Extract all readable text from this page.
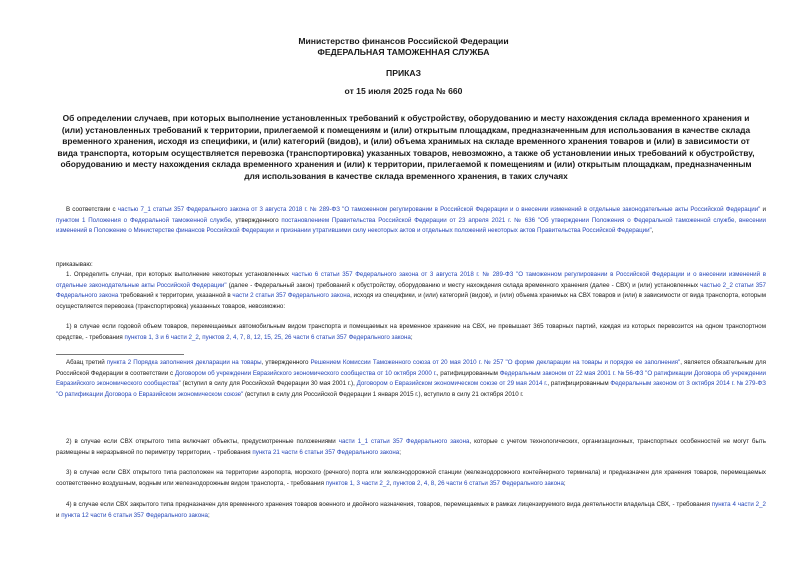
Министерство финансов Российской Федерации
ФЕДЕРАЛЬНАЯ ТАМОЖЕННАЯ СЛУЖБА
ПРИКАЗ
от 15 июля 2025 года № 660
Об определении случаев, при которых выполнение установленных требований к обустройству, оборудованию и месту нахождения склада временного хранения и (или) установленных требований к территории, прилегаемой к помещениям и (или) открытым площадкам, предназначенным для использования в качестве склада временного хранения, исходя из специфики, и (или) категорий (видов), и (или) объема хранимых на складе временного хранения товаров и (или) в зависимости от вида транспорта, которым осуществляется перевозка (транспортировка) указанных товаров, невозможно, а также об установлении иных требований к обустройству, оборудованию и месту нахождения склада временного хранения и (или) к территории, прилегаемой к помещениям и (или) открытым площадкам, предназначенным для использования в качестве склада временного хранения, в таких случаях
В соответствии с частью 7_1 статьи 357 Федерального закона от 3 августа 2018 г. № 289-ФЗ "О таможенном регулировании в Российской Федерации и о внесении изменений в отдельные законодательные акты Российской Федерации" и пунктом 1 Положения о Федеральной таможенной службе, утвержденного постановлением Правительства Российской Федерации от 23 апреля 2021 г. № 636 "Об утверждении Положения о Федеральной таможенной службе, внесении изменений в Положение о Министерстве финансов Российской Федерации и признании утратившими силу некоторых актов и отдельных положений некоторых актов Правительства Российской Федерации",
приказываю:
1. Определить случаи, при которых выполнение некоторых установленных частью 6 статьи 357 Федерального закона от 3 августа 2018 г. № 289-ФЗ "О таможенном регулировании в Российской Федерации и о внесении изменений в отдельные законодательные акты Российской Федерации" (далее - Федеральный закон) требований к обустройству, оборудованию и месту нахождения склада временного хранения (далее - СВХ) и (или) установленных частью 2_2 статьи 357 Федерального закона требований к территории, указанной в части 2 статьи 357 Федерального закона, исходя из специфики, и (или) категорий (видов), и (или) объема хранимых на СВХ товаров и (или) в зависимости от вида транспорта, которым осуществляется перевозка (транспортировка) указанных товаров, невозможно:
1) в случае если годовой объем товаров, перемещаемых автомобильным видом транспорта и помещаемых на временное хранение на СВХ, не превышает 365 товарных партий, каждая из которых перевозится на одном транспортном средстве, - требования пунктов 1, 3 и 6 части 2_2, пунктов 2, 4, 7, 8, 12, 15, 25, 26 части 6 статьи 357 Федерального закона;
Абзац третий пункта 2 Порядка заполнения декларации на товары, утвержденного Решением Комиссии Таможенного союза от 20 мая 2010 г. № 257 "О форме декларации на товары и порядке ее заполнения", является обязательным для Российской Федерации в соответствии с Договором об учреждении Евразийского экономического сообщества от 10 октября 2000 г., ратифицированным Федеральным законом от 22 мая 2001 г. № 56-ФЗ "О ратификации Договора об учреждении Евразийского экономического сообщества" (вступил в силу для Российской Федерации 30 мая 2001 г.), Договором о Евразийском экономическом союзе от 29 мая 2014 г., ратифицированным Федеральным законом от 3 октября 2014 г. № 279-ФЗ "О ратификации Договора о Евразийском экономическом союзе" (вступил в силу для Российской Федерации 1 января 2015 г.), вступило в силу 21 октября 2010 г.
2) в случае если СВХ открытого типа включает объекты, предусмотренные положениями части 1_1 статьи 357 Федерального закона, которые с учетом технологических, организационных, транспортных особенностей не могут быть размещены в неразрывной по периметру территории, - требования пункта 21 части 6 статьи 357 Федерального закона;
3) в случае если СВХ открытого типа расположен на территории аэропорта, морского (речного) порта или железнодорожной станции (железнодорожного контейнерного терминала) и предназначен для хранения товаров, перемещаемых соответственно воздушным, водным или железнодорожным видом транспорта, - требования пунктов 1, 3 части 2_2, пунктов 2, 4, 8, 26 части 6 статьи 357 Федерального закона;
4) в случае если СВХ закрытого типа предназначен для временного хранения товаров военного и двойного назначения, товаров, перемещаемых в рамках лицензируемого вида деятельности владельца СВХ, - требования пункта 4 части 2_2 и пункта 12 части 6 статьи 357 Федерального закона;
